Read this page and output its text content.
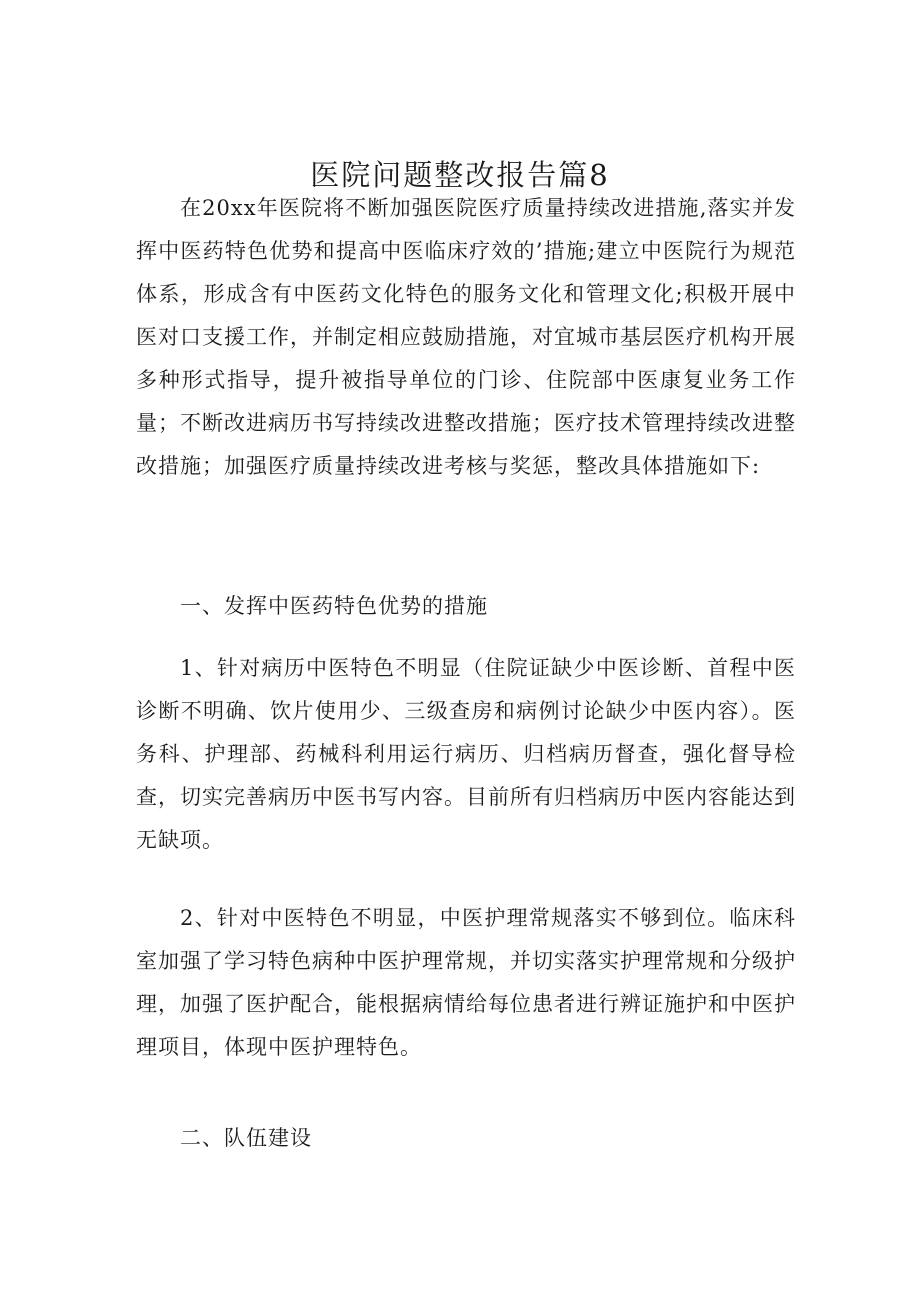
医院问题整改报告篇8

在20xx年医院将不断加强医院医疗质量持续改进措施,落实并发挥中医药特色优势和提高中医临床疗效的’措施;建立中医院行为规范体系，形成含有中医药文化特色的服务文化和管理文化;积极开展中医对口支援工作，并制定相应鼓励措施，对宜城市基层医疗机构开展多种形式指导，提升被指导单位的门诊、住院部中医康复业务工作量；不断改进病历书写持续改进整改措施；医疗技术管理持续改进整改措施；加强医疗质量持续改进考核与奖惩，整改具体措施如下:

一、发挥中医药特色优势的措施

1、针对病历中医特色不明显（住院证缺少中医诊断、首程中医诊断不明确、饮片使用少、三级查房和病例讨论缺少中医内容）。医务科、护理部、药械科利用运行病历、归档病历督查，强化督导检查，切实完善病历中医书写内容。目前所有归档病历中医内容能达到无缺项。

2、针对中医特色不明显，中医护理常规落实不够到位。临床科室加强了学习特色病种中医护理常规，并切实落实护理常规和分级护理，加强了医护配合，能根据病情给每位患者进行辨证施护和中医护理项目，体现中医护理特色。

二、队伍建设
